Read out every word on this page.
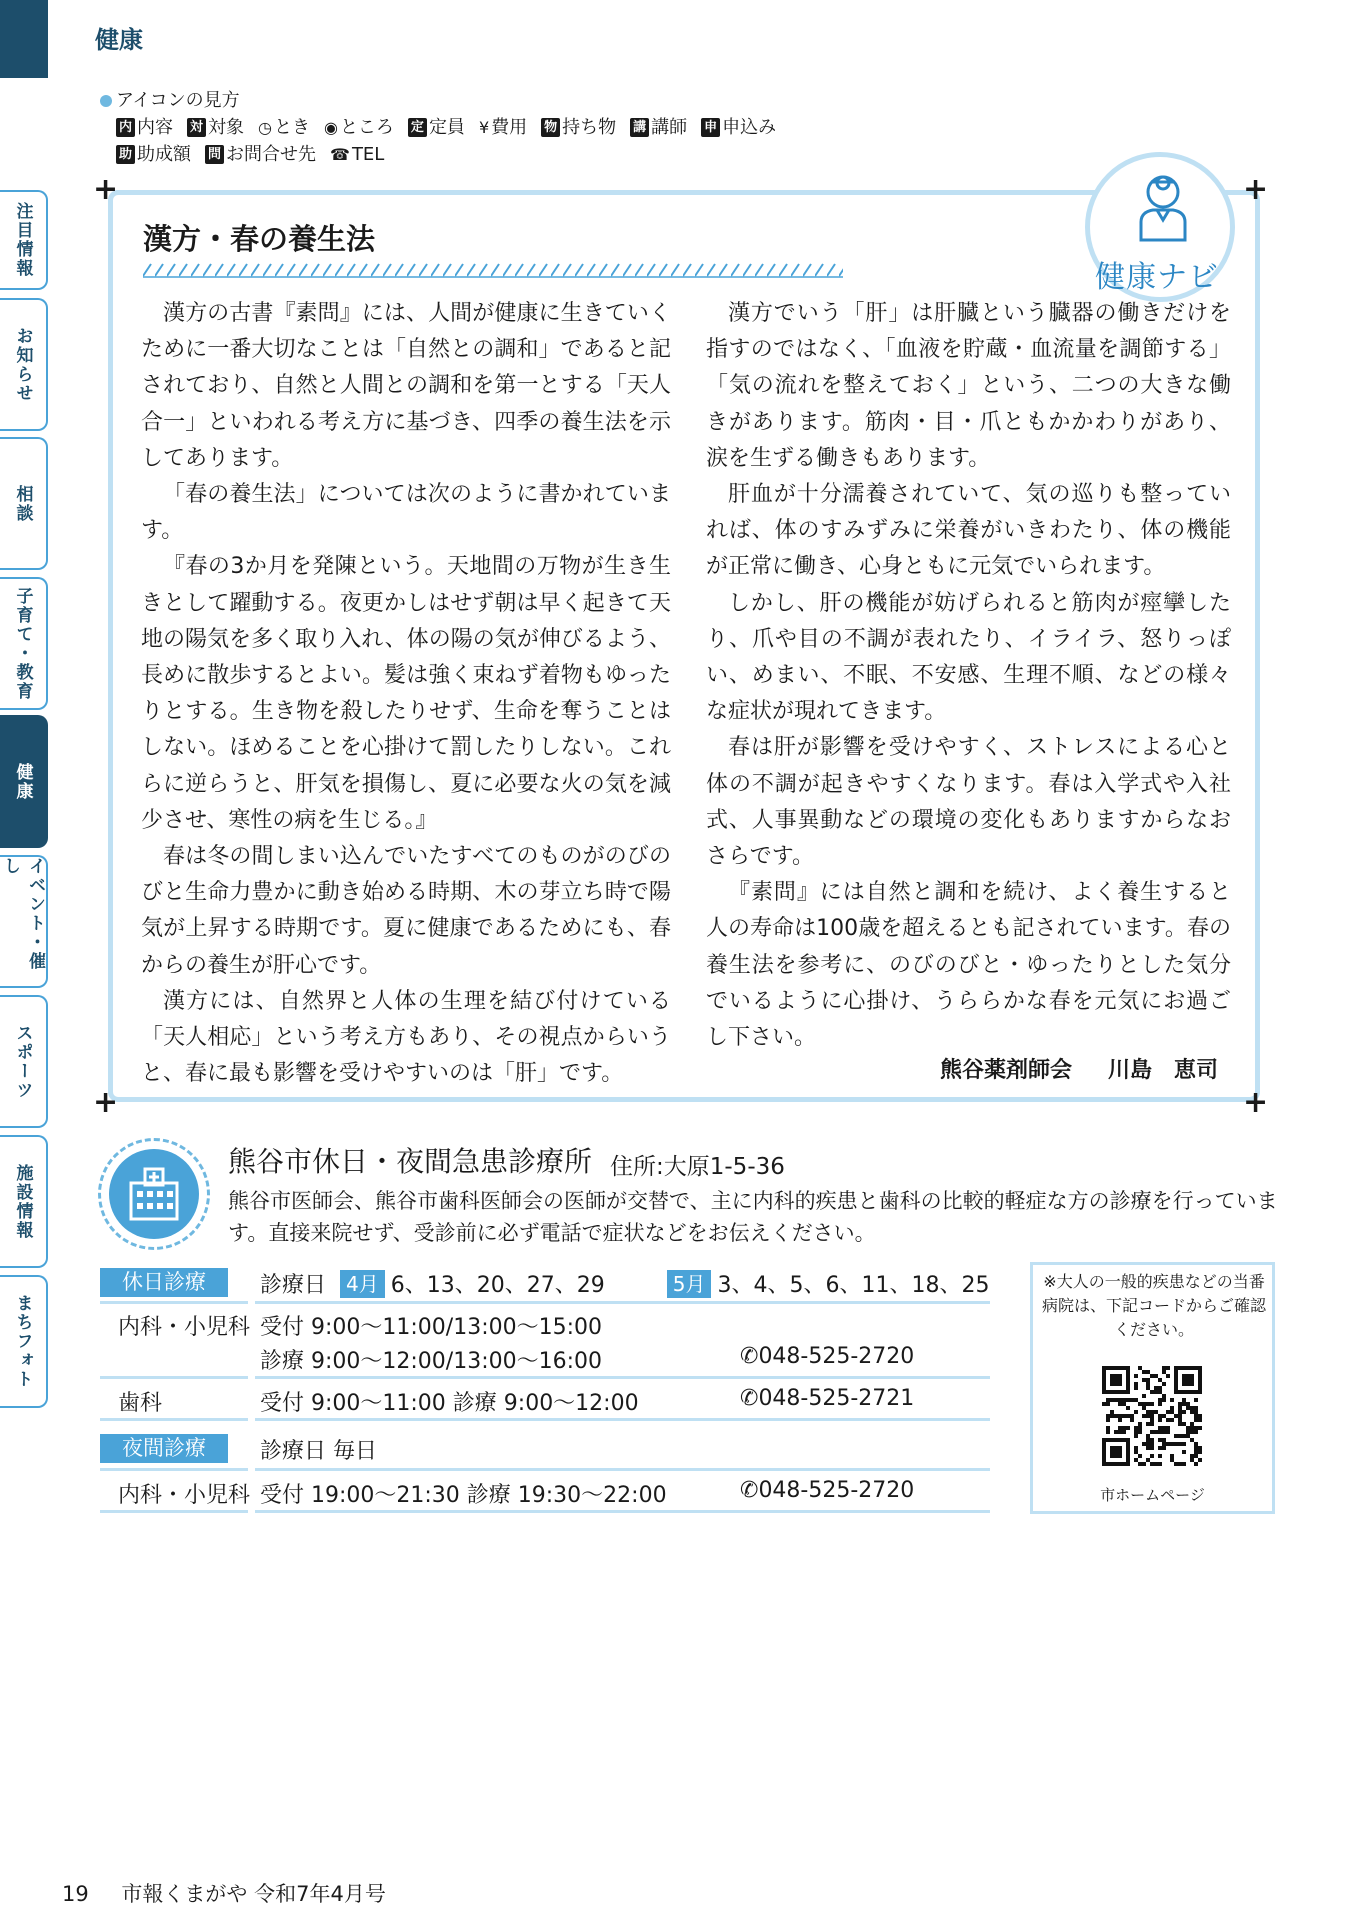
健康
アイコンの見方
内 内容 対 対象 ◷ とき ◉ ところ 定 定員 ¥ 費用 物 持ち物 講 講師 申 申込み
助 助成額 問 お問合せ先 ☎ TEL
+	+
+	+
健康ナビ
漢方・春の養生法

漢方の古書『素問』には、人間が健康に生きていくために一番大切なことは「自然との調和」であると記されており、自然と人間との調和を第一とする「天人合一」といわれる考え方に基づき、四季の養生法を示してあります。

「春の養生法」については次のように書かれています。

『春の3か月を発陳という。天地間の万物が生き生きとして躍動する。夜更かしはせず朝は早く起きて天地の陽気を多く取り入れ、体の陽の気が伸びるよう、長めに散歩するとよい。髪は強く束ねず着物もゆったりとする。生き物を殺したりせず、生命を奪うことはしない。ほめることを心掛けて罰したりしない。これらに逆らうと、肝気を損傷し、夏に必要な火の気を減少させ、寒性の病を生じる。』

春は冬の間しまい込んでいたすべてのものがのびのびと生命力豊かに動き始める時期、木の芽立ち時で陽気が上昇する時期です。夏に健康であるためにも、春からの養生が肝心です。

漢方には、自然界と人体の生理を結び付けている「天人相応」という考え方もあり、その視点からいうと、春に最も影響を受けやすいのは「肝」です。

漢方でいう「肝」は肝臓という臓器の働きだけを指すのではなく、「血液を貯蔵・血流量を調節する」「気の流れを整えておく」という、二つの大きな働きがあります。筋肉・目・爪ともかかわりがあり、涙を生ずる働きもあります。

肝血が十分濡養されていて、気の巡りも整っていれば、体のすみずみに栄養がいきわたり、体の機能が正常に働き、心身ともに元気でいられます。

しかし、肝の機能が妨げられると筋肉が痙攣したり、爪や目の不調が表れたり、イライラ、怒りっぽい、めまい、不眠、不安感、生理不順、などの様々な症状が現れてきます。

春は肝が影響を受けやすく、ストレスによる心と体の不調が起きやすくなります。春は入学式や入社式、人事異動などの環境の変化もありますからなおさらです。

『素問』には自然と調和を続け、よく養生すると人の寿命は100歳を超えるとも記されています。春の養生法を参考に、のびのびと・ゆったりとした気分でいるように心掛け、うららかな春を元気にお過ごし下さい。

熊谷薬剤師会 川島　恵司
熊谷市休日・夜間急患診療所 住所:大原1-5-36
熊谷市医師会、熊谷市歯科医師会の医師が交替で、主に内科的疾患と歯科の比較的軽症な方の診療を行っています。直接来院せず、受診前に必ず電話で症状などをお伝えください。
休日診療	診療日	4月 6、13、20、27、29	5月 3、4、5、6、11、18、25
内科・小児科 受付 9:00～11:00/13:00～15:00
診療 9:00～12:00/13:00～16:00	✆ 048-525-2720
歯科	受付 9:00～11:00 診療 9:00～12:00	✆ 048-525-2721
夜間診療	診療日 毎日
内科・小児科 受付 19:00～21:30 診療 19:30～22:00	✆ 048-525-2720
※大人の一般的疾患などの当番病院は、下記コードからご確認ください。
市ホームページ
19 市報くまがや 令和7年4月号
注目情報
お知らせ
相談
子育て・教育
健康
イベント・催し
スポーツ
施設情報
まちフォト
